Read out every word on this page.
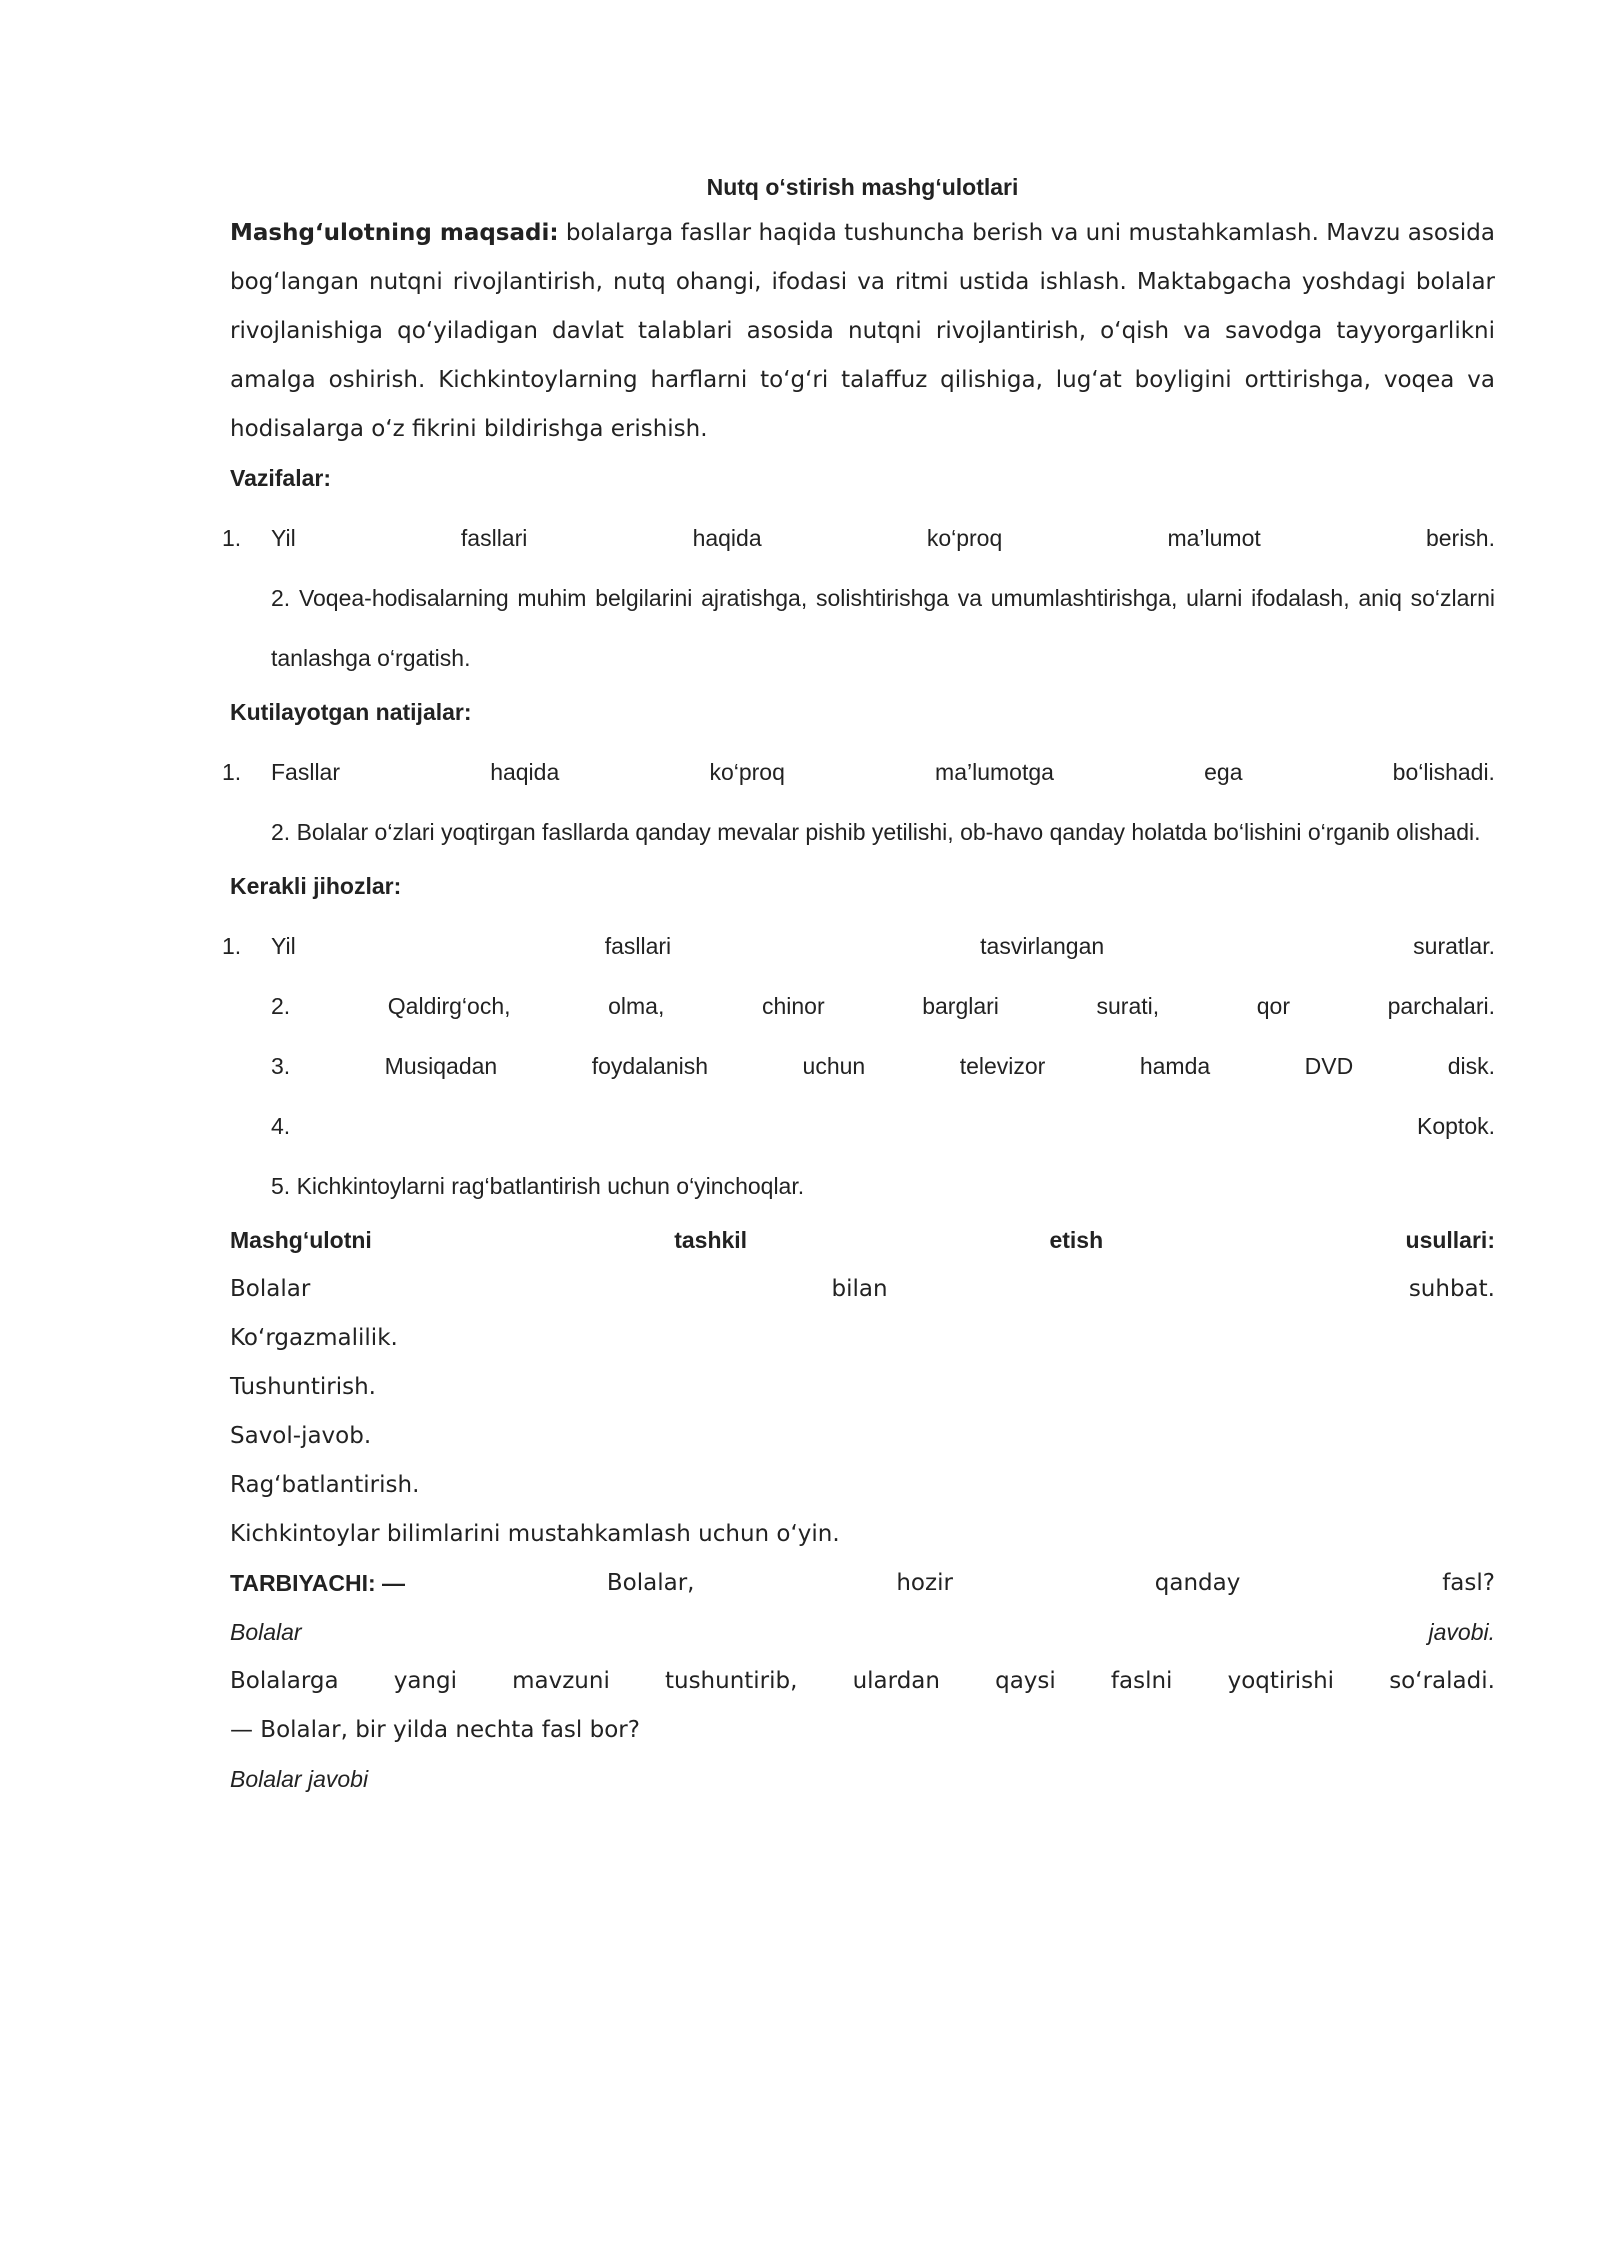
Nutq o‘stirish mashg‘ulotlari

Mashg‘ulotning maqsadi: bolalarga fasllar haqida tushuncha berish va uni mustahkamlash. Mavzu asosida bog‘langan nutqni rivojlantirish, nutq ohangi, ifodasi va ritmi ustida ishlash. Maktabgacha yoshdagi bolalar rivojlanishiga qo‘yiladigan davlat talablari asosida nutqni rivojlantirish, o‘qish va savodga tayyorgarlikni amalga oshirish. Kichkintoylarning harflarni to‘g‘ri talaffuz qilishiga, lug‘at boyligini orttirishga, voqea va hodisalarga o‘z fikrini bildirishga erishish.

Vazifalar:

1. Yil	fasllari	haqida	ko‘proq	ma’lumot	berish.

2. Voqea-hodisalarning muhim belgilarini ajratishga, solishtirishga va umumlashtirishga, ularni ifodalash, aniq so‘zlarni tanlashga o‘rgatish.

Kutilayotgan natijalar:

1. Fasllar	haqida	ko‘proq	ma’lumotga	ega	bo‘lishadi.

2. Bolalar o‘zlari yoqtirgan fasllarda qanday mevalar pishib yetilishi, ob-havo qanday holatda bo‘lishini o‘rganib olishadi.

Kerakli jihozlar:

1. Yil	fasllari	tasvirlangan	suratlar.
2.	Qaldirg‘och,	olma,	chinor	barglari	surati,	qor	parchalari.
3.	Musiqadan	foydalanish	uchun	televizor	hamda	DVD	disk.
4.	Koptok.

5. Kichkintoylarni rag‘batlantirish uchun o‘yinchoqlar.

Mashg‘ulotni	tashkil	etish	usullari:
Bolalar	bilan	suhbat.

Ko‘rgazmalilik.

Tushuntirish.

Savol-javob.

Rag‘batlantirish.

Kichkintoylar bilimlarini mustahkamlash uchun o‘yin.

TARBIYACHI: —	Bolalar,	hozir	qanday	fasl?
Bolalar	javobi.
Bolalarga yangi mavzuni tushuntirib, ulardan qaysi faslni yoqtirishi so‘raladi.

— Bolalar, bir yilda nechta fasl bor?

Bolalar javobi
